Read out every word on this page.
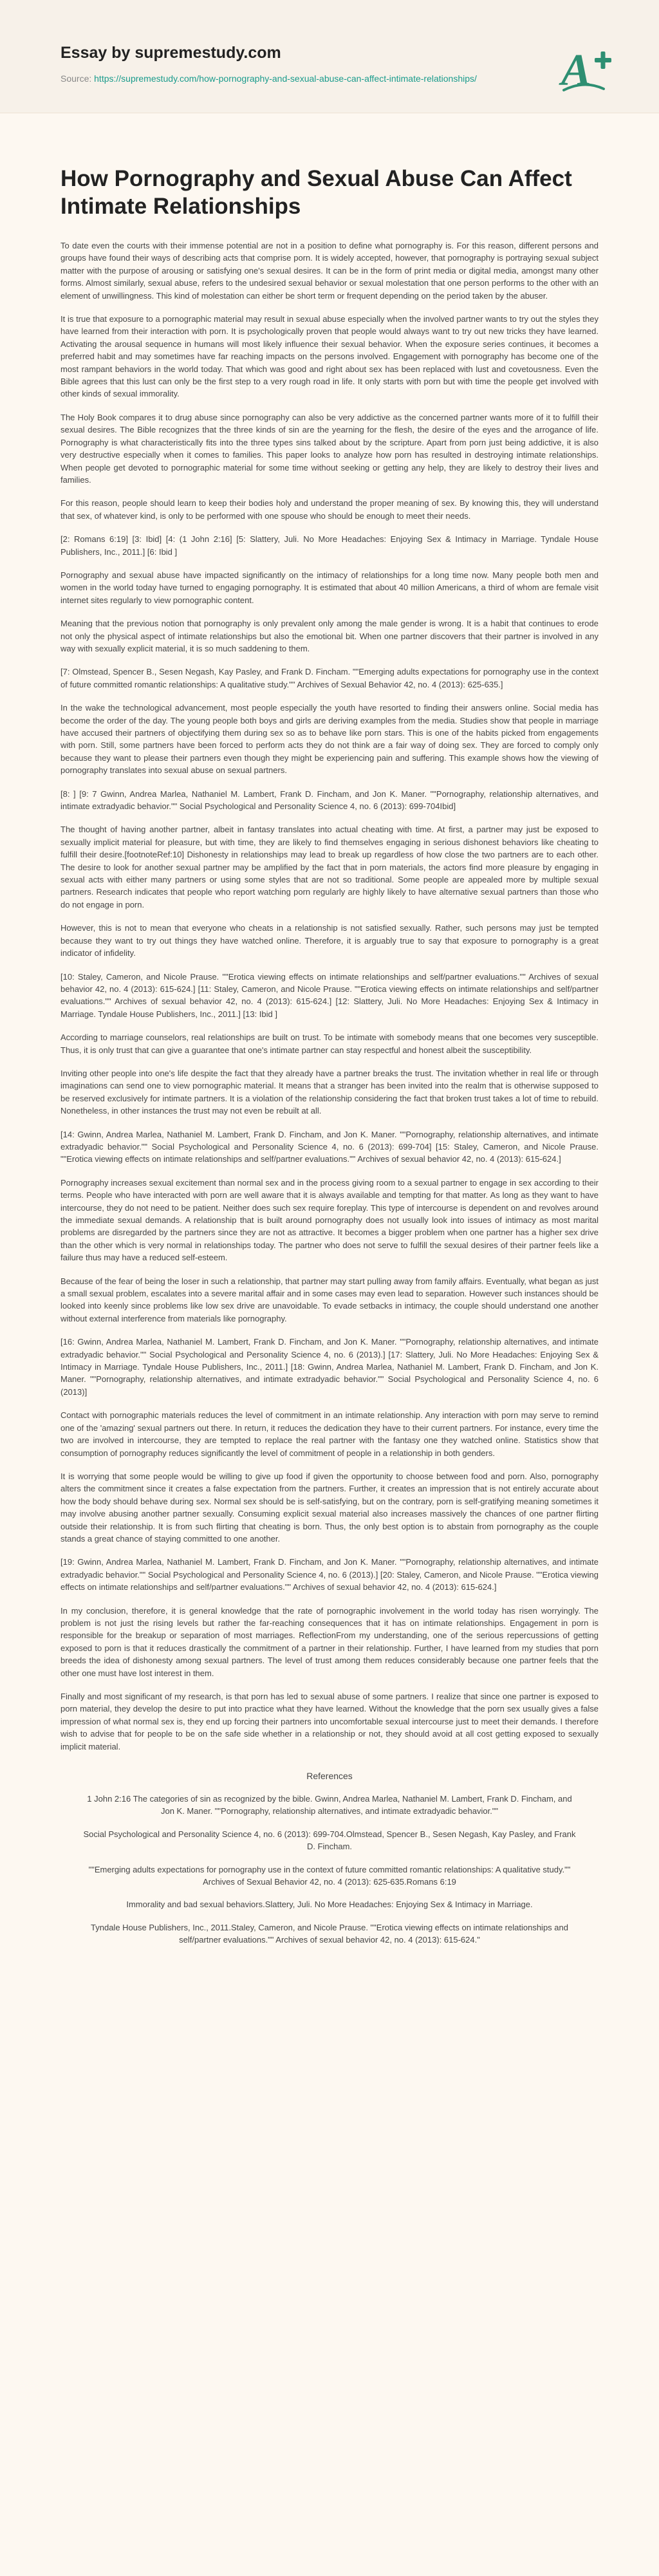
Essay by supremestudy.com
Source: https://supremestudy.com/how-pornography-and-sexual-abuse-can-affect-intimate-relationships/	A
How Pornography and Sexual Abuse Can Affect Intimate Relationships

To date even the courts with their immense potential are not in a position to define what pornography is. For this reason, different persons and groups have found their ways of describing acts that comprise porn. It is widely accepted, however, that pornography is portraying sexual subject matter with the purpose of arousing or satisfying one's sexual desires. It can be in the form of print media or digital media, amongst many other forms. Almost similarly, sexual abuse, refers to the undesired sexual behavior or sexual molestation that one person performs to the other with an element of unwillingness. This kind of molestation can either be short term or frequent depending on the period taken by the abuser.

It is true that exposure to a pornographic material may result in sexual abuse especially when the involved partner wants to try out the styles they have learned from their interaction with porn. It is psychologically proven that people would always want to try out new tricks they have learned. Activating the arousal sequence in humans will most likely influence their sexual behavior. When the exposure series continues, it becomes a preferred habit and may sometimes have far reaching impacts on the persons involved. Engagement with pornography has become one of the most rampant behaviors in the world today. That which was good and right about sex has been replaced with lust and covetousness. Even the Bible agrees that this lust can only be the first step to a very rough road in life. It only starts with porn but with time the people get involved with other kinds of sexual immorality.

The Holy Book compares it to drug abuse since pornography can also be very addictive as the concerned partner wants more of it to fulfill their sexual desires. The Bible recognizes that the three kinds of sin are the yearning for the flesh, the desire of the eyes and the arrogance of life. Pornography is what characteristically fits into the three types sins talked about by the scripture. Apart from porn just being addictive, it is also very destructive especially when it comes to families. This paper looks to analyze how porn has resulted in destroying intimate relationships. When people get devoted to pornographic material for some time without seeking or getting any help, they are likely to destroy their lives and families.

For this reason, people should learn to keep their bodies holy and understand the proper meaning of sex. By knowing this, they will understand that sex, of whatever kind, is only to be performed with one spouse who should be enough to meet their needs.

[2: Romans 6:19] [3: Ibid] [4: (1 John 2:16] [5: Slattery, Juli. No More Headaches: Enjoying Sex & Intimacy in Marriage. Tyndale House Publishers, Inc., 2011.] [6: Ibid ]

Pornography and sexual abuse have impacted significantly on the intimacy of relationships for a long time now. Many people both men and women in the world today have turned to engaging pornography. It is estimated that about 40 million Americans, a third of whom are female visit internet sites regularly to view pornographic content.

Meaning that the previous notion that pornography is only prevalent only among the male gender is wrong. It is a habit that continues to erode not only the physical aspect of intimate relationships but also the emotional bit. When one partner discovers that their partner is involved in any way with sexually explicit material, it is so much saddening to them.

[7: Olmstead, Spencer B., Sesen Negash, Kay Pasley, and Frank D. Fincham. ""Emerging adults expectations for pornography use in the context of future committed romantic relationships: A qualitative study."" Archives of Sexual Behavior 42, no. 4 (2013): 625-635.]

In the wake the technological advancement, most people especially the youth have resorted to finding their answers online. Social media has become the order of the day. The young people both boys and girls are deriving examples from the media. Studies show that people in marriage have accused their partners of objectifying them during sex so as to behave like porn stars. This is one of the habits picked from engagements with porn. Still, some partners have been forced to perform acts they do not think are a fair way of doing sex. They are forced to comply only because they want to please their partners even though they might be experiencing pain and suffering. This example shows how the viewing of pornography translates into sexual abuse on sexual partners.

[8: ] [9: 7 Gwinn, Andrea Marlea, Nathaniel M. Lambert, Frank D. Fincham, and Jon K. Maner. ""Pornography, relationship alternatives, and intimate extradyadic behavior."" Social Psychological and Personality Science 4, no. 6 (2013): 699-704Ibid]

The thought of having another partner, albeit in fantasy translates into actual cheating with time. At first, a partner may just be exposed to sexually implicit material for pleasure, but with time, they are likely to find themselves engaging in serious dishonest behaviors like cheating to fulfill their desire.[footnoteRef:10] Dishonesty in relationships may lead to break up regardless of how close the two partners are to each other. The desire to look for another sexual partner may be amplified by the fact that in porn materials, the actors find more pleasure by engaging in sexual acts with either many partners or using some styles that are not so traditional. Some people are appealed more by multiple sexual partners. Research indicates that people who report watching porn regularly are highly likely to have alternative sexual partners than those who do not engage in porn.

However, this is not to mean that everyone who cheats in a relationship is not satisfied sexually. Rather, such persons may just be tempted because they want to try out things they have watched online. Therefore, it is arguably true to say that exposure to pornography is a great indicator of infidelity.

[10: Staley, Cameron, and Nicole Prause. ""Erotica viewing effects on intimate relationships and self/partner evaluations."" Archives of sexual behavior 42, no. 4 (2013): 615-624.] [11: Staley, Cameron, and Nicole Prause. ""Erotica viewing effects on intimate relationships and self/partner evaluations."" Archives of sexual behavior 42, no. 4 (2013): 615-624.] [12: Slattery, Juli. No More Headaches: Enjoying Sex & Intimacy in Marriage. Tyndale House Publishers, Inc., 2011.] [13: Ibid ]

According to marriage counselors, real relationships are built on trust. To be intimate with somebody means that one becomes very susceptible. Thus, it is only trust that can give a guarantee that one's intimate partner can stay respectful and honest albeit the susceptibility.

Inviting other people into one's life despite the fact that they already have a partner breaks the trust. The invitation whether in real life or through imaginations can send one to view pornographic material. It means that a stranger has been invited into the realm that is otherwise supposed to be reserved exclusively for intimate partners. It is a violation of the relationship considering the fact that broken trust takes a lot of time to rebuild. Nonetheless, in other instances the trust may not even be rebuilt at all.

[14: Gwinn, Andrea Marlea, Nathaniel M. Lambert, Frank D. Fincham, and Jon K. Maner. ""Pornography, relationship alternatives, and intimate extradyadic behavior."" Social Psychological and Personality Science 4, no. 6 (2013): 699-704] [15: Staley, Cameron, and Nicole Prause. ""Erotica viewing effects on intimate relationships and self/partner evaluations."" Archives of sexual behavior 42, no. 4 (2013): 615-624.]

Pornography increases sexual excitement than normal sex and in the process giving room to a sexual partner to engage in sex according to their terms. People who have interacted with porn are well aware that it is always available and tempting for that matter. As long as they want to have intercourse, they do not need to be patient. Neither does such sex require foreplay. This type of intercourse is dependent on and revolves around the immediate sexual demands. A relationship that is built around pornography does not usually look into issues of intimacy as most marital problems are disregarded by the partners since they are not as attractive. It becomes a bigger problem when one partner has a higher sex drive than the other which is very normal in relationships today. The partner who does not serve to fulfill the sexual desires of their partner feels like a failure thus may have a reduced self-esteem.

Because of the fear of being the loser in such a relationship, that partner may start pulling away from family affairs. Eventually, what began as just a small sexual problem, escalates into a severe marital affair and in some cases may even lead to separation. However such instances should be looked into keenly since problems like low sex drive are unavoidable. To evade setbacks in intimacy, the couple should understand one another without external interference from materials like pornography.

[16: Gwinn, Andrea Marlea, Nathaniel M. Lambert, Frank D. Fincham, and Jon K. Maner. ""Pornography, relationship alternatives, and intimate extradyadic behavior."" Social Psychological and Personality Science 4, no. 6 (2013).] [17: Slattery, Juli. No More Headaches: Enjoying Sex & Intimacy in Marriage. Tyndale House Publishers, Inc., 2011.] [18: Gwinn, Andrea Marlea, Nathaniel M. Lambert, Frank D. Fincham, and Jon K. Maner. ""Pornography, relationship alternatives, and intimate extradyadic behavior."" Social Psychological and Personality Science 4, no. 6 (2013)]

Contact with pornographic materials reduces the level of commitment in an intimate relationship. Any interaction with porn may serve to remind one of the 'amazing' sexual partners out there. In return, it reduces the dedication they have to their current partners. For instance, every time the two are involved in intercourse, they are tempted to replace the real partner with the fantasy one they watched online. Statistics show that consumption of pornography reduces significantly the level of commitment of people in a relationship in both genders.

It is worrying that some people would be willing to give up food if given the opportunity to choose between food and porn. Also, pornography alters the commitment since it creates a false expectation from the partners. Further, it creates an impression that is not entirely accurate about how the body should behave during sex. Normal sex should be is self-satisfying, but on the contrary, porn is self-gratifying meaning sometimes it may involve abusing another partner sexually. Consuming explicit sexual material also increases massively the chances of one partner flirting outside their relationship. It is from such flirting that cheating is born. Thus, the only best option is to abstain from pornography as the couple stands a great chance of staying committed to one another.

[19: Gwinn, Andrea Marlea, Nathaniel M. Lambert, Frank D. Fincham, and Jon K. Maner. ""Pornography, relationship alternatives, and intimate extradyadic behavior."" Social Psychological and Personality Science 4, no. 6 (2013).] [20: Staley, Cameron, and Nicole Prause. ""Erotica viewing effects on intimate relationships and self/partner evaluations."" Archives of sexual behavior 42, no. 4 (2013): 615-624.]

In my conclusion, therefore, it is general knowledge that the rate of pornographic involvement in the world today has risen worryingly. The problem is not just the rising levels but rather the far-reaching consequences that it has on intimate relationships. Engagement in porn is responsible for the breakup or separation of most marriages. ReflectionFrom my understanding, one of the serious repercussions of getting exposed to porn is that it reduces drastically the commitment of a partner in their relationship. Further, I have learned from my studies that porn breeds the idea of dishonesty among sexual partners. The level of trust among them reduces considerably because one partner feels that the other one must have lost interest in them.

Finally and most significant of my research, is that porn has led to sexual abuse of some partners. I realize that since one partner is exposed to porn material, they develop the desire to put into practice what they have learned. Without the knowledge that the porn sex usually gives a false impression of what normal sex is, they end up forcing their partners into uncomfortable sexual intercourse just to meet their demands. I therefore wish to advise that for people to be on the safe side whether in a relationship or not, they should avoid at all cost getting exposed to sexually implicit material.

References

1 John 2:16 The categories of sin as recognized by the bible. Gwinn, Andrea Marlea, Nathaniel M. Lambert, Frank D. Fincham, and Jon K. Maner. ""Pornography, relationship alternatives, and intimate extradyadic behavior.""

Social Psychological and Personality Science 4, no. 6 (2013): 699-704.Olmstead, Spencer B., Sesen Negash, Kay Pasley, and Frank D. Fincham.

""Emerging adults expectations for pornography use in the context of future committed romantic relationships: A qualitative study."" Archives of Sexual Behavior 42, no. 4 (2013): 625-635.Romans 6:19

Immorality and bad sexual behaviors.Slattery, Juli. No More Headaches: Enjoying Sex & Intimacy in Marriage.

Tyndale House Publishers, Inc., 2011.Staley, Cameron, and Nicole Prause. ""Erotica viewing effects on intimate relationships and self/partner evaluations."" Archives of sexual behavior 42, no. 4 (2013): 615-624."
